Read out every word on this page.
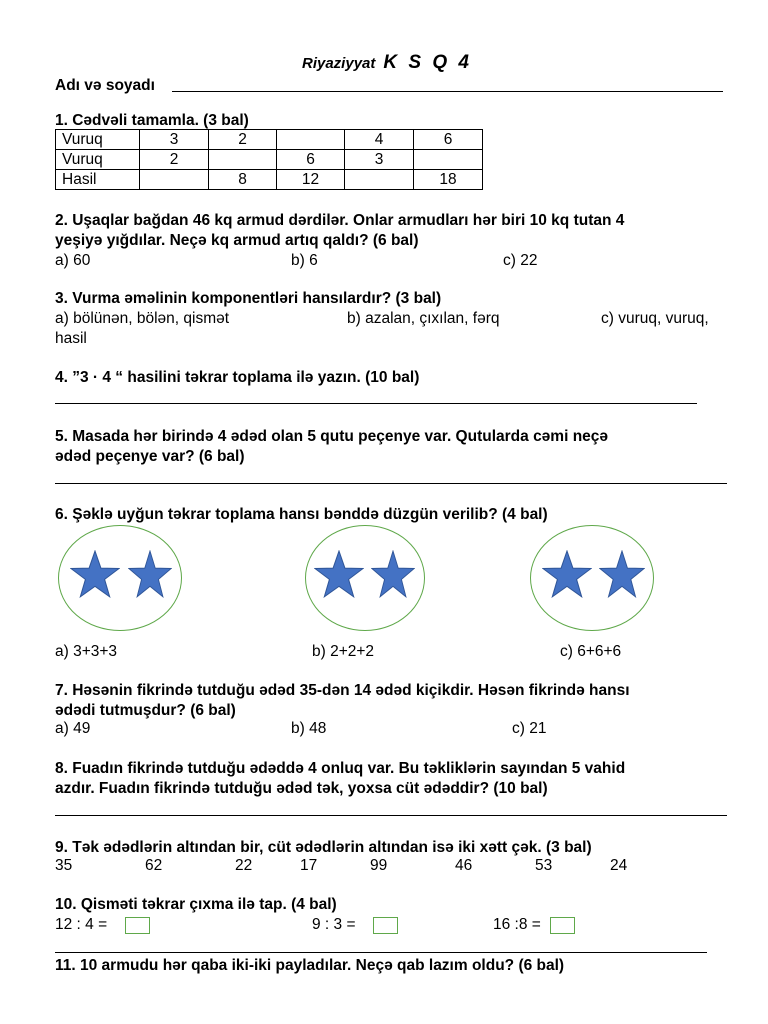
Riyaziyyat K S Q 4
Adı və soyadı
1. Cədvəli tamamla. (3 bal)
Vuruq	3	2		4	6
Vuruq	2		6	3	
Hasil		8	12		18
2. Uşaqlar bağdan 46 kq armud dərdilər. Onlar armudları hər biri 10 kq tutan 4
yeşiyə yığdılar. Neçə kq armud artıq qaldı? (6 bal)
a) 60	b) 6	c) 22
3. Vurma əməlinin komponentləri hansılardır? (3 bal)
a) bölünən, bölən, qismət	b) azalan, çıxılan, fərq	c) vuruq, vuruq,
hasil
4. ”3 · 4 “ hasilini təkrar toplama ilə yazın. (10 bal)
5. Masada hər birində 4 ədəd olan 5 qutu peçenye var. Qutularda cəmi neçə
ədəd peçenye var? (6 bal)
6. Şəklə uyğun təkrar toplama hansı bənddə düzgün verilib? (4 bal)
a) 3+3+3	b) 2+2+2	c) 6+6+6
7. Həsənin fikrində tutduğu ədəd 35-dən 14 ədəd kiçikdir. Həsən fikrində hansı
ədədi tutmuşdur? (6 bal)
a) 49	b) 48	c) 21
8. Fuadın fikrində tutduğu ədəddə 4 onluq var. Bu təkliklərin sayından 5 vahid
azdır. Fuadın fikrində tutduğu ədəd tək, yoxsa cüt ədəddir? (10 bal)
9. Tək ədədlərin altından bir, cüt ədədlərin altından isə iki xətt çək. (3 bal)
35	62	22	17	99	46	53	24
10. Qisməti təkrar çıxma ilə tap. (4 bal)
12 : 4 =	9 : 3 =	16 :8 =
11. 10 armudu hər qaba iki-iki payladılar. Neçə qab lazım oldu? (6 bal)
